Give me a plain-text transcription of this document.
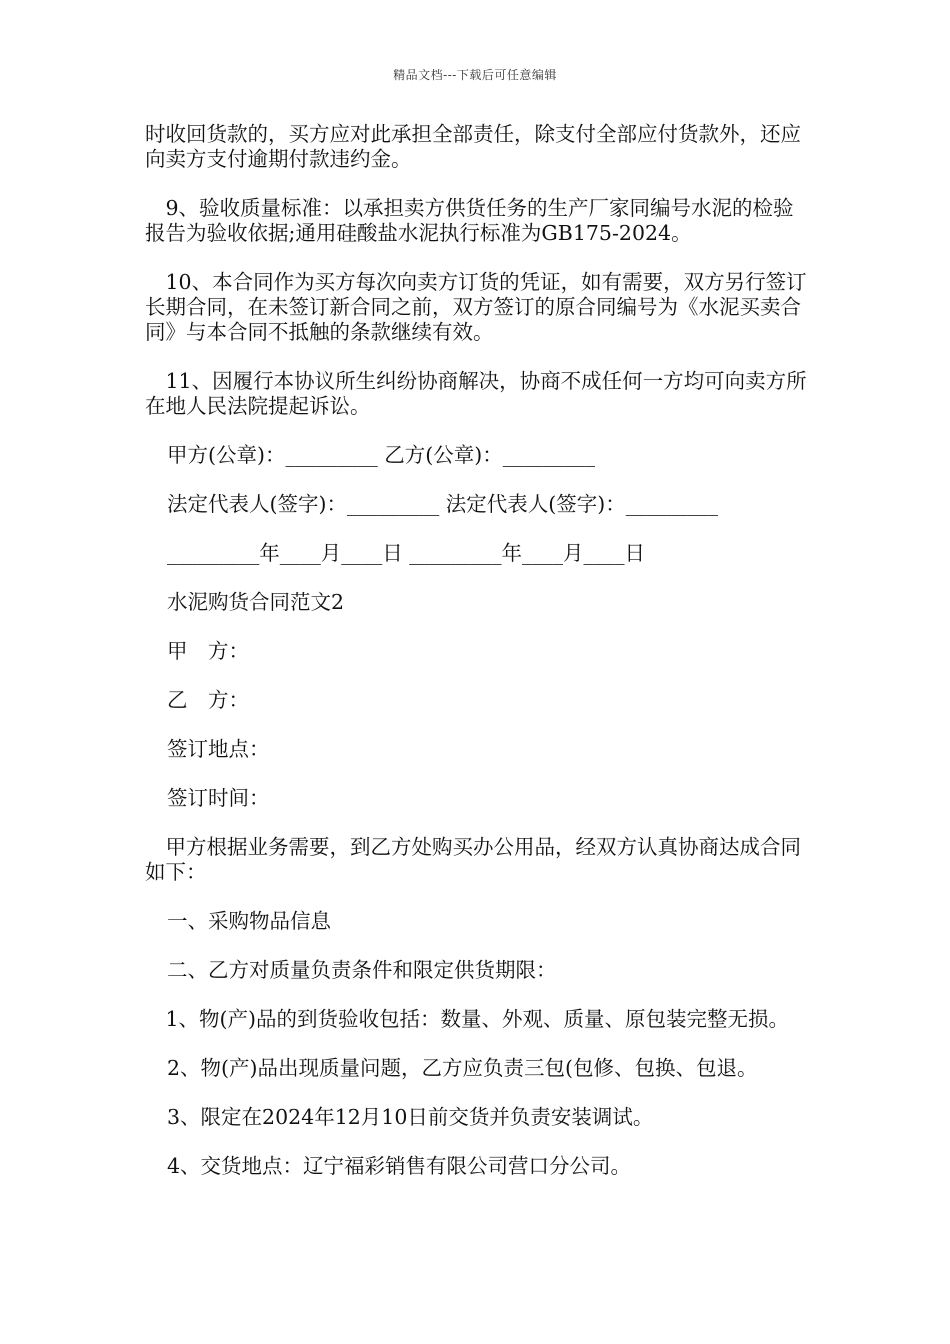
精品文档---下载后可任意编辑

时收回货款的，买方应对此承担全部责任，除支付全部应付货款外，还应向卖方支付逾期付款违约金。

　9、验收质量标准：以承担卖方供货任务的生产厂家同编号水泥的检验报告为验收依据;通用硅酸盐水泥执行标准为GB175-2024。

　10、本合同作为买方每次向卖方订货的凭证，如有需要，双方另行签订长期合同，在未签订新合同之前，双方签订的原合同编号为《水泥买卖合同》与本合同不抵触的条款继续有效。

　11、因履行本协议所生纠纷协商解决，协商不成任何一方均可向卖方所在地人民法院提起诉讼。

甲方(公章)：_________ 乙方(公章)：_________

法定代表人(签字)：_________ 法定代表人(签字)：_________

_________年____月____日 _________年____月____日

水泥购货合同范文2

甲　方：

乙　方：

签订地点：

签订时间：

　甲方根据业务需要，到乙方处购买办公用品，经双方认真协商达成合同如下：

一、采购物品信息

二、乙方对质量负责条件和限定供货期限：

　1、物(产)品的到货验收包括：数量、外观、质量、原包装完整无损。

2、物(产)品出现质量问题，乙方应负责三包(包修、包换、包退。

3、限定在2024年12月10日前交货并负责安装调试。

4、交货地点：辽宁福彩销售有限公司营口分公司。
